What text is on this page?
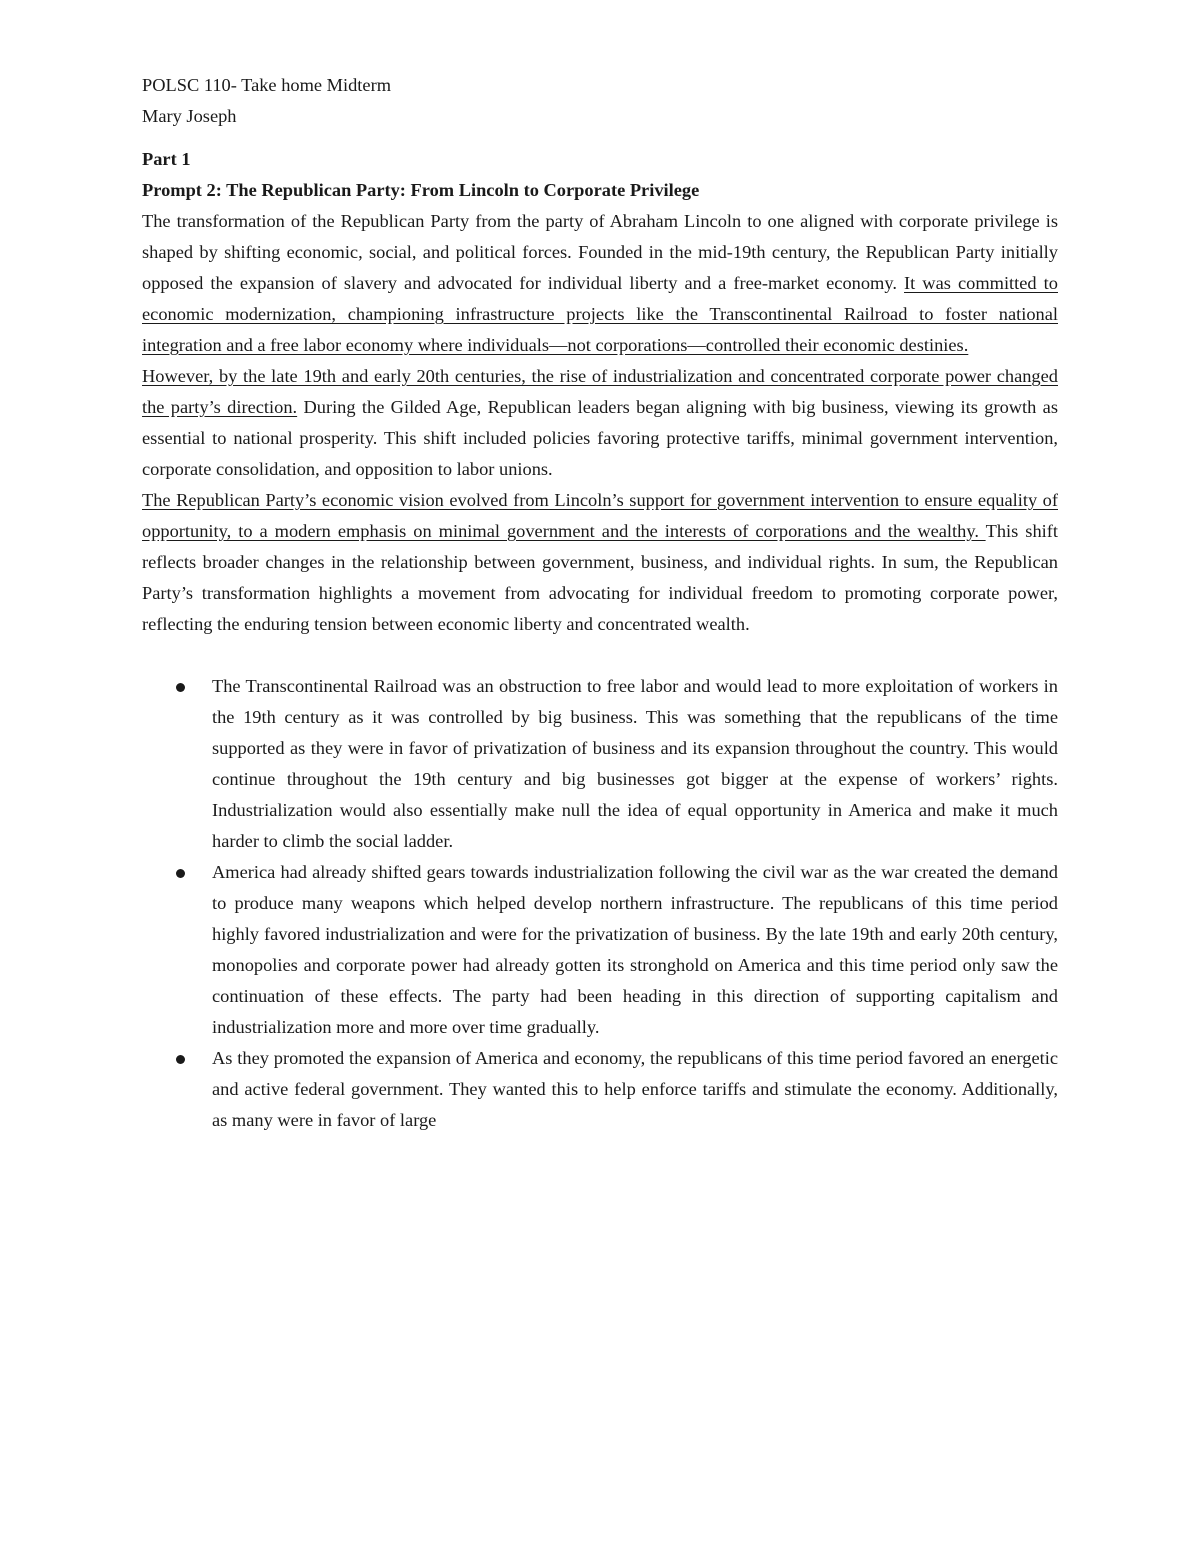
POLSC 110- Take home Midterm

Mary Joseph

Part 1

Prompt 2: The Republican Party: From Lincoln to Corporate Privilege

The transformation of the Republican Party from the party of Abraham Lincoln to one aligned with corporate privilege is shaped by shifting economic, social, and political forces. Founded in the mid-19th century, the Republican Party initially opposed the expansion of slavery and advocated for individual liberty and a free-market economy. It was committed to economic modernization, championing infrastructure projects like the Transcontinental Railroad to foster national integration and a free labor economy where individuals—not corporations—controlled their economic destinies.

However, by the late 19th and early 20th centuries, the rise of industrialization and concentrated corporate power changed the party’s direction. During the Gilded Age, Republican leaders began aligning with big business, viewing its growth as essential to national prosperity. This shift included policies favoring protective tariffs, minimal government intervention, corporate consolidation, and opposition to labor unions.

The Republican Party’s economic vision evolved from Lincoln’s support for government intervention to ensure equality of opportunity, to a modern emphasis on minimal government and the interests of corporations and the wealthy. This shift reflects broader changes in the relationship between government, business, and individual rights. In sum, the Republican Party’s transformation highlights a movement from advocating for individual freedom to promoting corporate power, reflecting the enduring tension between economic liberty and concentrated wealth.

The Transcontinental Railroad was an obstruction to free labor and would lead to more exploitation of workers in the 19th century as it was controlled by big business. This was something that the republicans of the time supported as they were in favor of privatization of business and its expansion throughout the country. This would continue throughout the 19th century and big businesses got bigger at the expense of workers’ rights. Industrialization would also essentially make null the idea of equal opportunity in America and make it much harder to climb the social ladder.
America had already shifted gears towards industrialization following the civil war as the war created the demand to produce many weapons which helped develop northern infrastructure. The republicans of this time period highly favored industrialization and were for the privatization of business. By the late 19th and early 20th century, monopolies and corporate power had already gotten its stronghold on America and this time period only saw the continuation of these effects. The party had been heading in this direction of supporting capitalism and industrialization more and more over time gradually.
As they promoted the expansion of America and economy, the republicans of this time period favored an energetic and active federal government. They wanted this to help enforce tariffs and stimulate the economy. Additionally, as many were in favor of large
